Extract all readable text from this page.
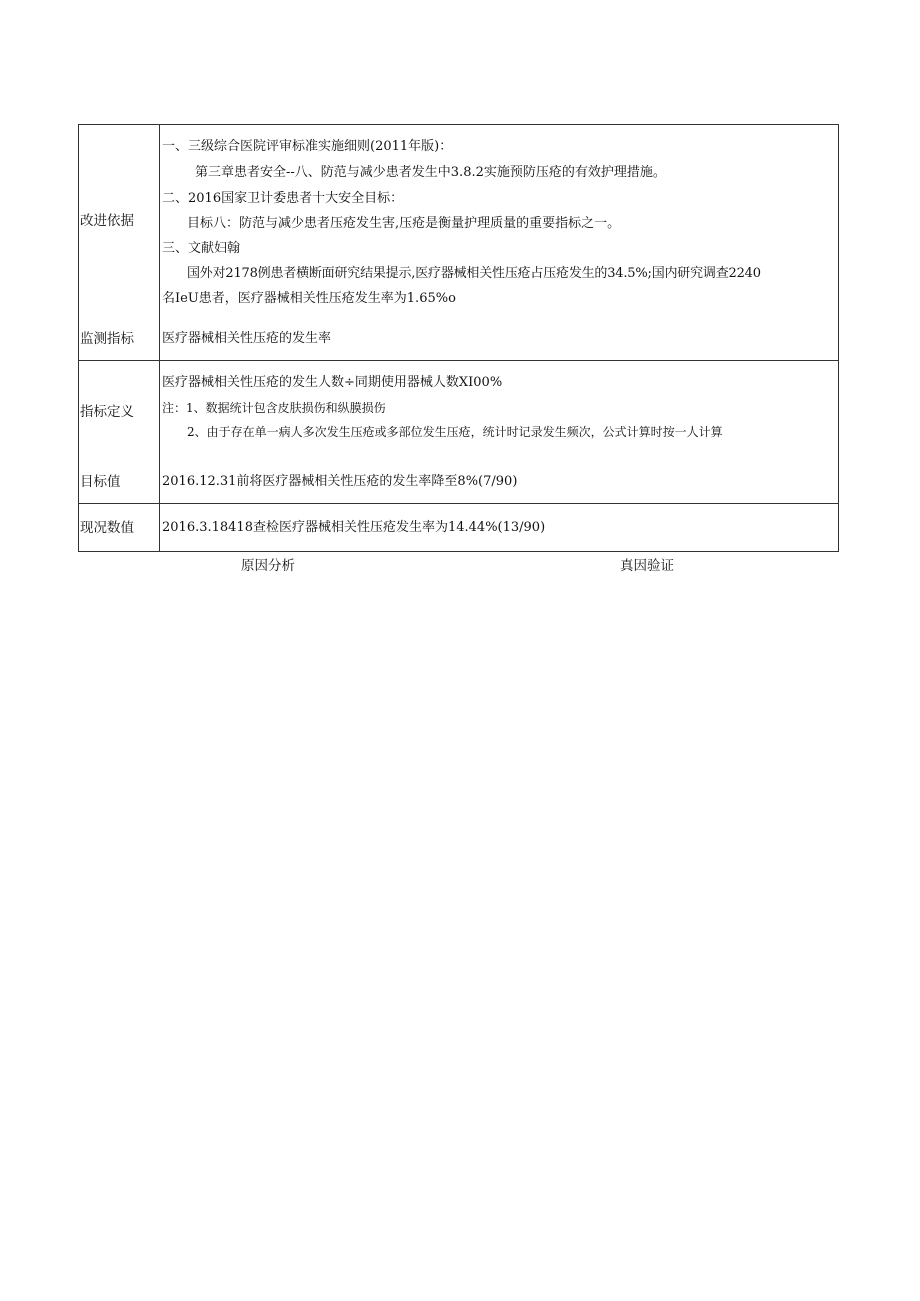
改进依据
一、三级综合医院评审标准实施细则(2011年版)：
第三章患者安全--八、防范与减少患者发生中3.8.2实施预防压疮的有效护理措施。
二、2016国家卫计委患者十大安全目标：
目标八：防范与减少患者压疮发生害,压疮是衡量护理质量的重要指标之一。
三、文献妇翰
国外对2178例患者横断面研究结果提示,医疗器械相关性压疮占压疮发生的34.5%;国内研究调查2240
名IeU患者，医疗器械相关性压疮发生率为1.65%o
监测指标 医疗器械相关性压疮的发生率
指标定义
目标值
医疗器械相关性压疮的发生人数÷同期使用器械人数XI00%
注：1、数据统计包含皮肤损伤和纵膜损伤
2、由于存在单一病人多次发生压疮或多部位发生压疮，统计时记录发生频次，公式计算时按一人计算
2016.12.31前将医疗器械相关性压疮的发生率降至8%(7/90)
现况数值 2016.3.18418查检医疗器械相关性压疮发生率为14.44%(13/90)
原因分析	真因验证
